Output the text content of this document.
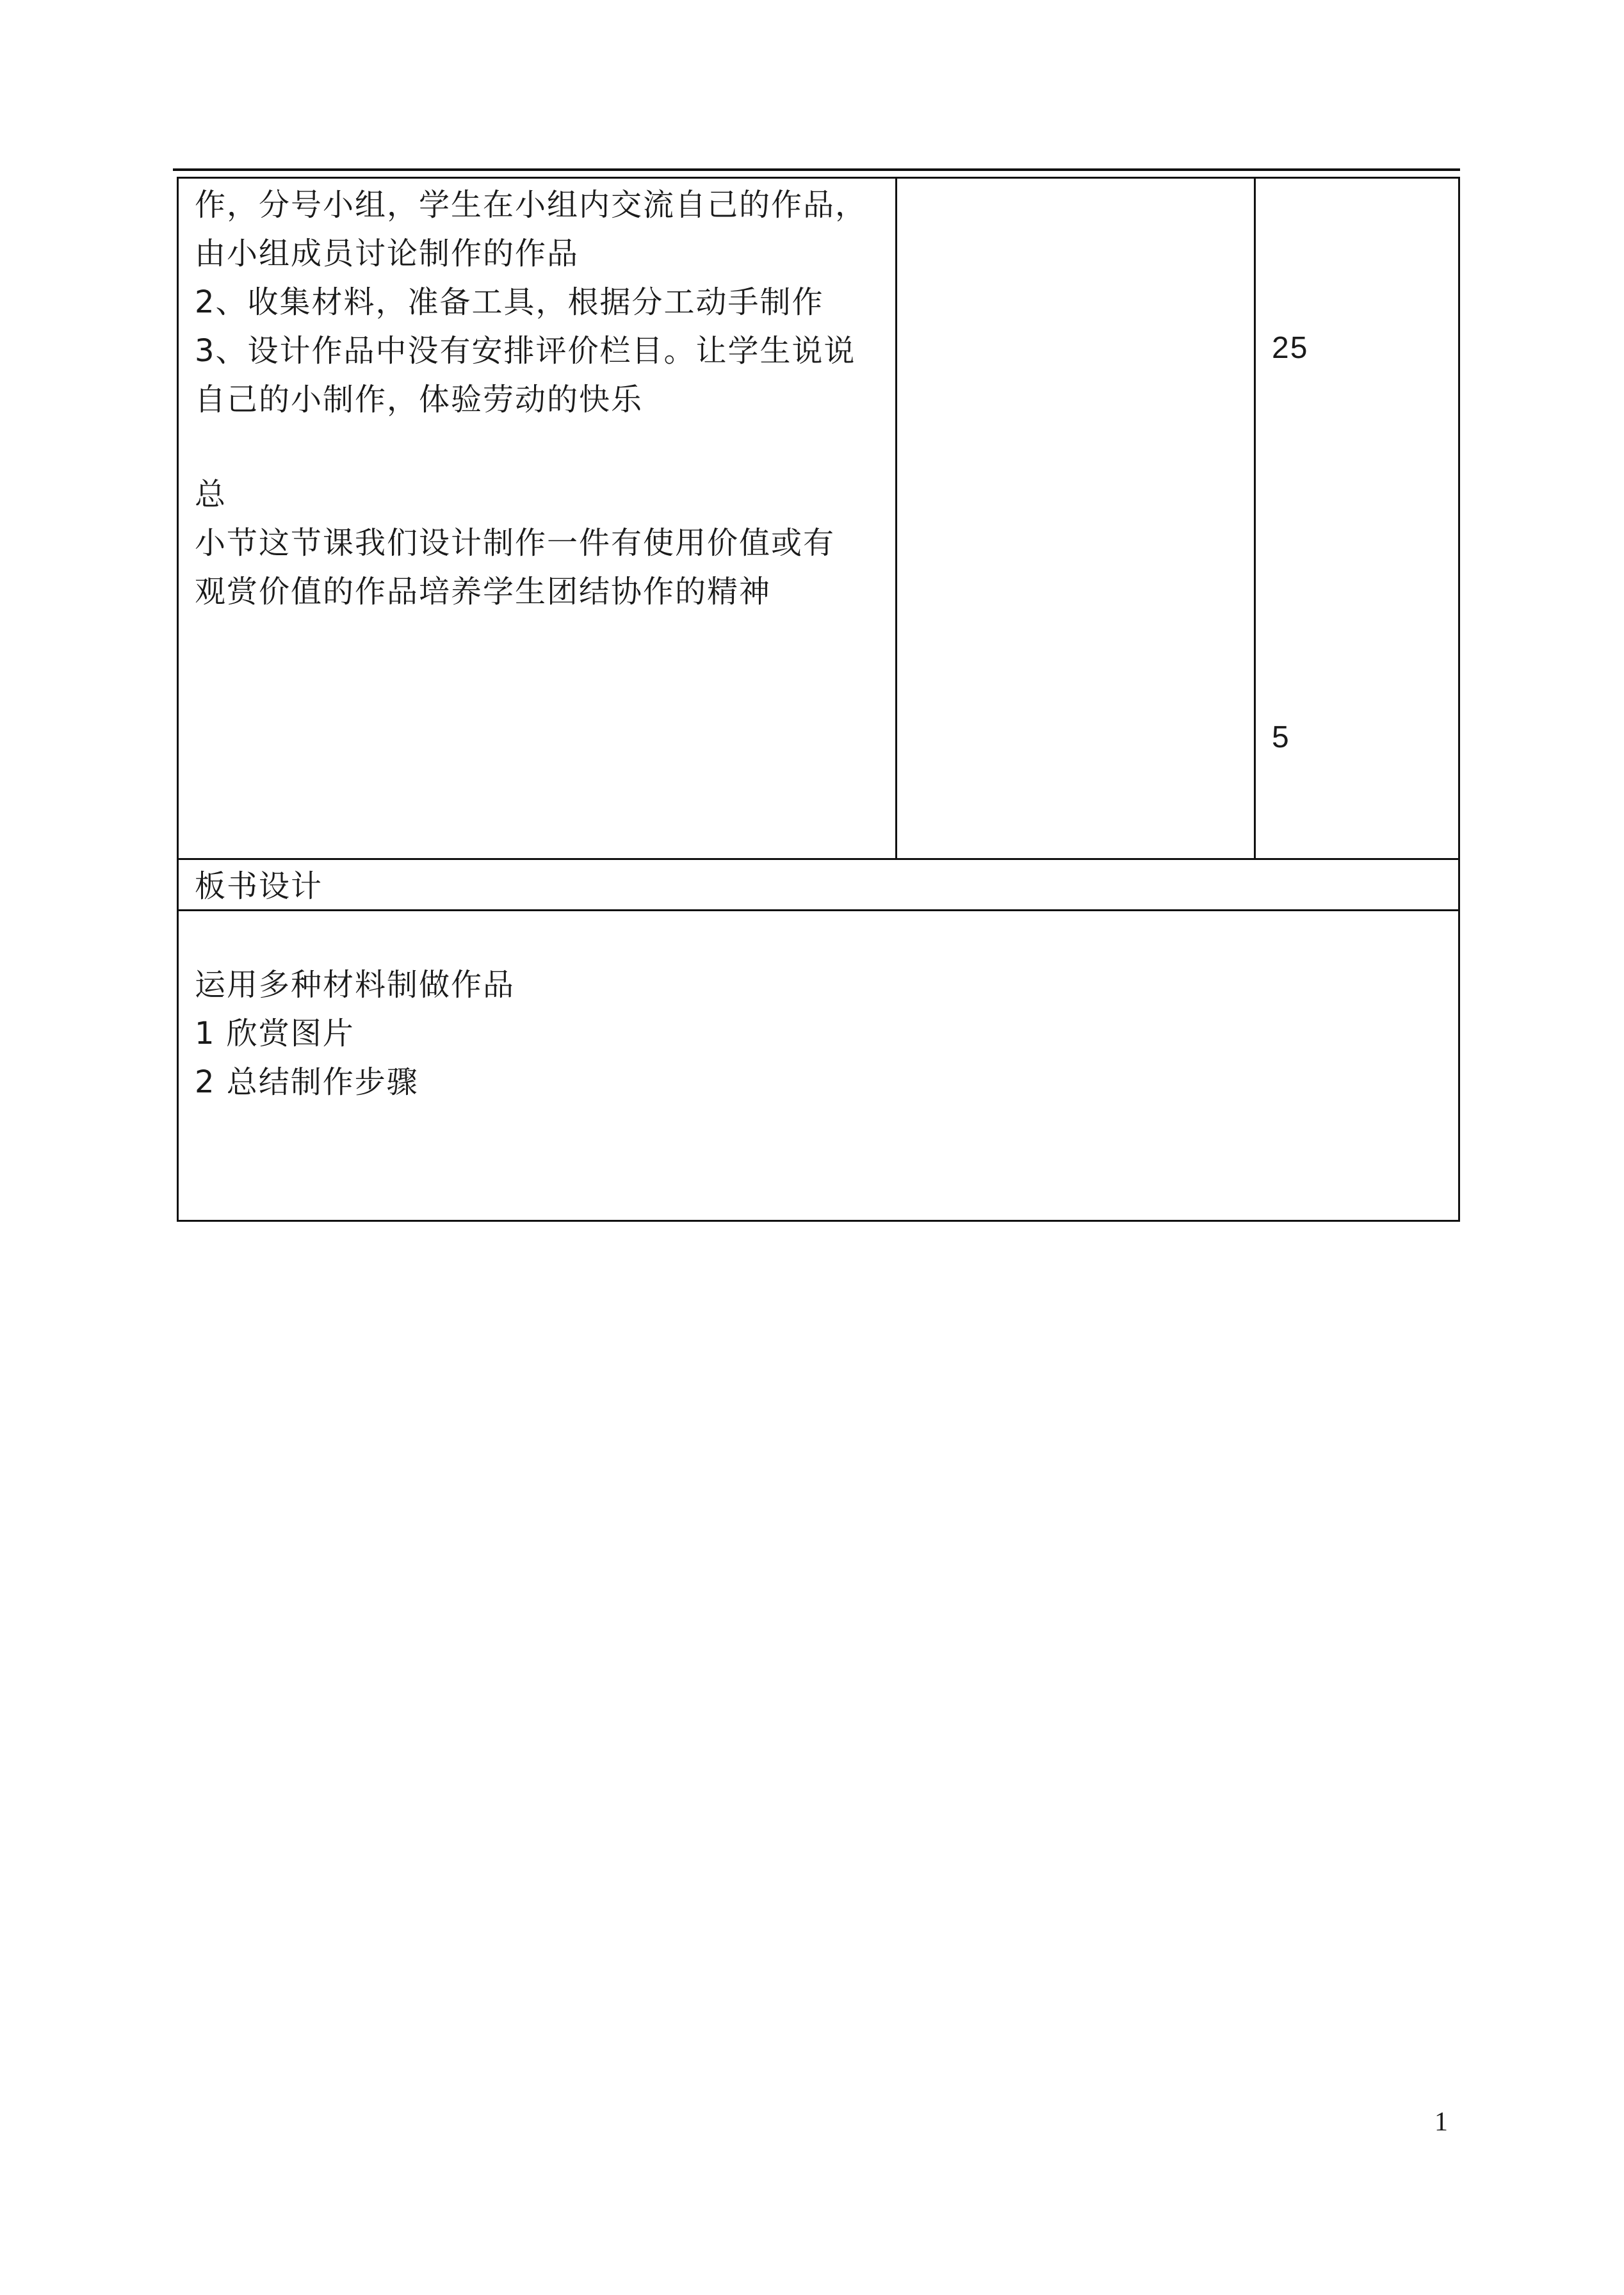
作，分号小组，学生在小组内交流自己的作品，
由小组成员讨论制作的作品
2、收集材料，准备工具，根据分工动手制作
3、设计作品中没有安排评价栏目。让学生说说
自己的小制作，体验劳动的快乐
总
小节这节课我们设计制作一件有使用价值或有
观赏价值的作品培养学生团结协作的精神
25
5
板书设计
运用多种材料制做作品
1 欣赏图片
2 总结制作步骤
1
